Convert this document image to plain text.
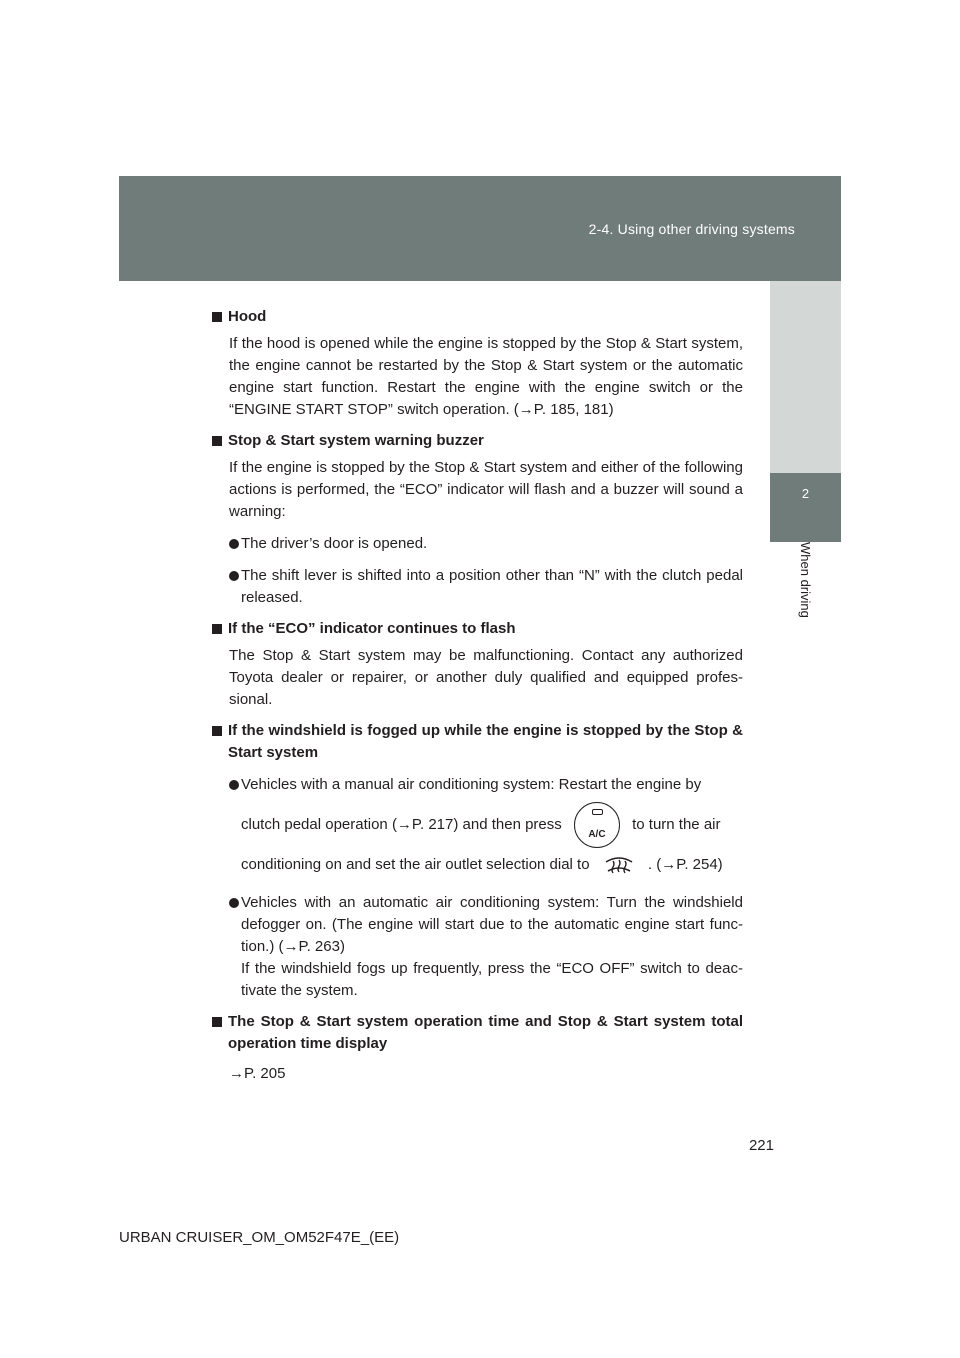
2-4. Using other driving systems
2
When driving
Hood
If the hood is opened while the engine is stopped by the Stop & Start system, the engine cannot be restarted by the Stop & Start system or the automatic engine start function. Restart the engine with the engine switch or the “ENGINE START STOP” switch operation. (→P. 185, 181)
Stop & Start system warning buzzer
If the engine is stopped by the Stop & Start system and either of the following actions is performed, the “ECO” indicator will flash and a buzzer will sound a warning:
The driver’s door is opened.
The shift lever is shifted into a position other than “N” with the clutch pedal released.
If the “ECO” indicator continues to flash
The Stop & Start system may be malfunctioning. Contact any authorized Toyota dealer or repairer, or another duly qualified and equipped profes-sional.
If the windshield is fogged up while the engine is stopped by the Stop & Start system
Vehicles with a manual air conditioning system: Restart the engine by
clutch pedal operation (→P. 217) and then press
A/C
to turn the air
conditioning on and set the air outlet selection dial to	. (→P. 254)
Vehicles with an automatic air conditioning system: Turn the windshield defogger on. (The engine will start due to the automatic engine start func-tion.) (→P. 263)
If the windshield fogs up frequently, press the “ECO OFF” switch to deac-tivate the system.
The Stop & Start system operation time and Stop & Start system total operation time display
→P. 205
221
URBAN CRUISER_OM_OM52F47E_(EE)
